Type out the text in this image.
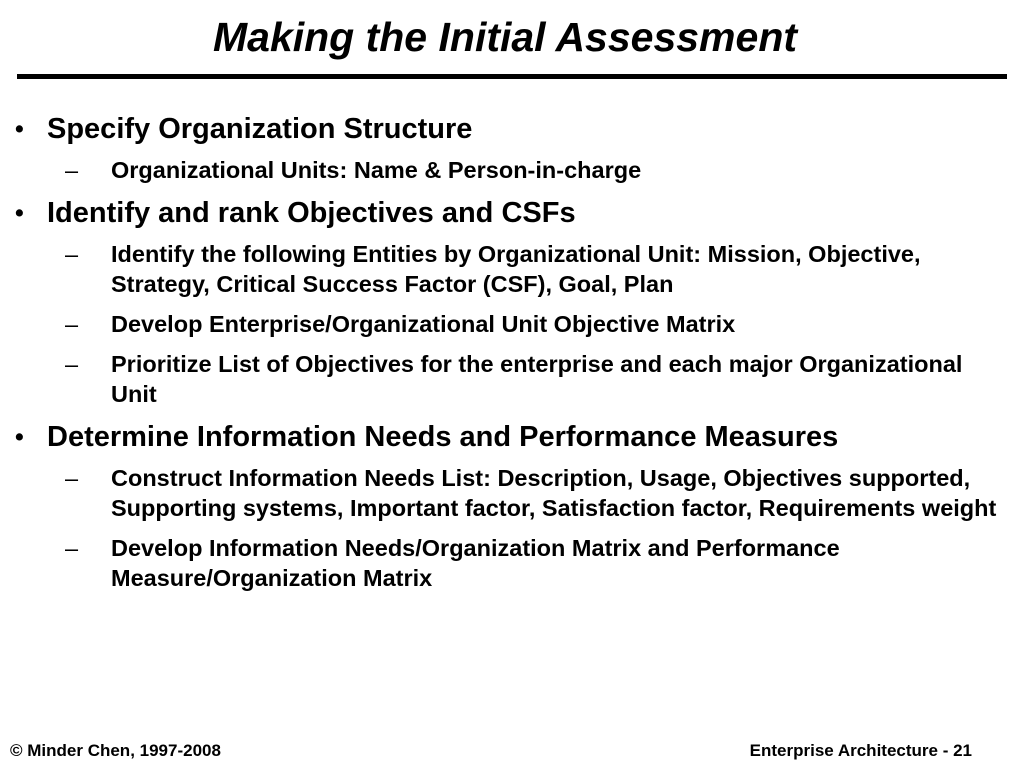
Making the Initial Assessment
• Specify Organization Structure
– Organizational Units: Name & Person-in-charge
• Identify and rank Objectives and CSFs
– Identify the following Entities by Organizational Unit: Mission, Objective, Strategy, Critical Success Factor (CSF), Goal, Plan
– Develop Enterprise/Organizational Unit Objective Matrix
– Prioritize List of Objectives for the enterprise and each major Organizational Unit
• Determine Information Needs and Performance Measures
– Construct Information Needs List: Description, Usage, Objectives supported, Supporting systems, Important factor, Satisfaction factor, Requirements weight
– Develop Information Needs/Organization Matrix and Performance Measure/Organization Matrix
© Minder Chen, 1997-2008	Enterprise Architecture - 21
